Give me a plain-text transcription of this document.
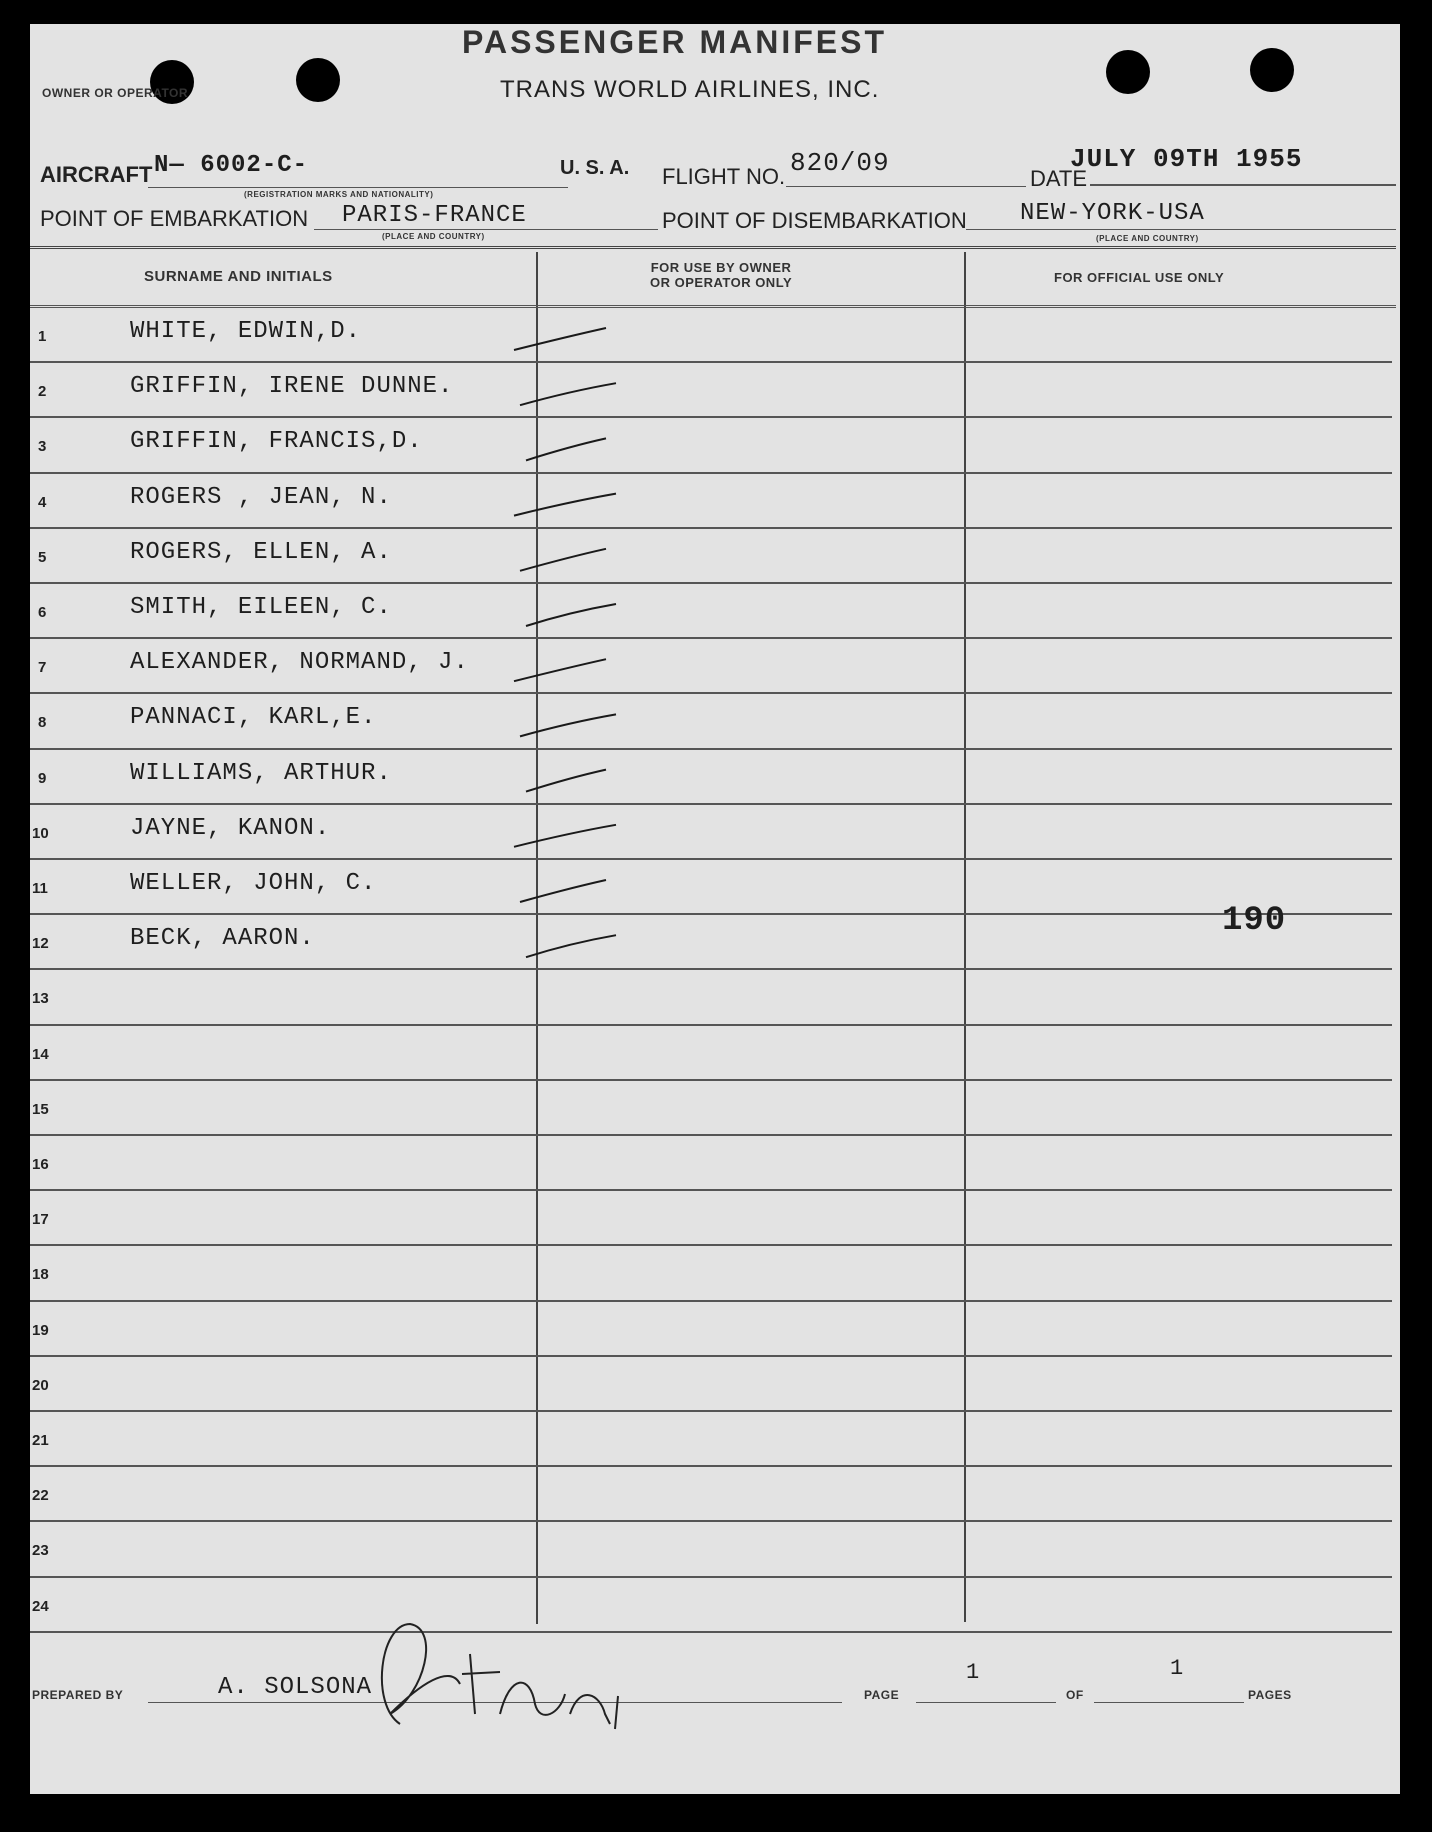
PASSENGER MANIFEST
OWNER OR OPERATOR	TRANS WORLD AIRLINES, INC.
AIRCRAFT N— 6002-C-
(REGISTRATION MARKS AND NATIONALITY)
U. S. A. FLIGHT NO. 820/09
DATE
JULY 09TH 1955
POINT OF EMBARKATION PARIS-FRANCE
(PLACE AND COUNTRY)
POINT OF DISEMBARKATION NEW-YORK-USA
(PLACE AND COUNTRY)
SURNAME AND INITIALS
FOR USE BY OWNER
OR OPERATOR ONLY	FOR OFFICIAL USE ONLY
1	WHITE, EDWIN,D.
2	GRIFFIN, IRENE DUNNE.
3	GRIFFIN, FRANCIS,D.
4	ROGERS , JEAN, N.
5	ROGERS, ELLEN, A.
6	SMITH, EILEEN, C.
7	ALEXANDER, NORMAND, J.
8	PANNACI, KARL,E.
9	WILLIAMS, ARTHUR.
10	JAYNE, KANON.
11	WELLER, JOHN, C.
12	BECK, AARON.
13
14
15
16
17
18
19
20
21
22
23
24
190
PREPARED BY	A. SOLSONA	PAGE
1
OF
1
PAGES
